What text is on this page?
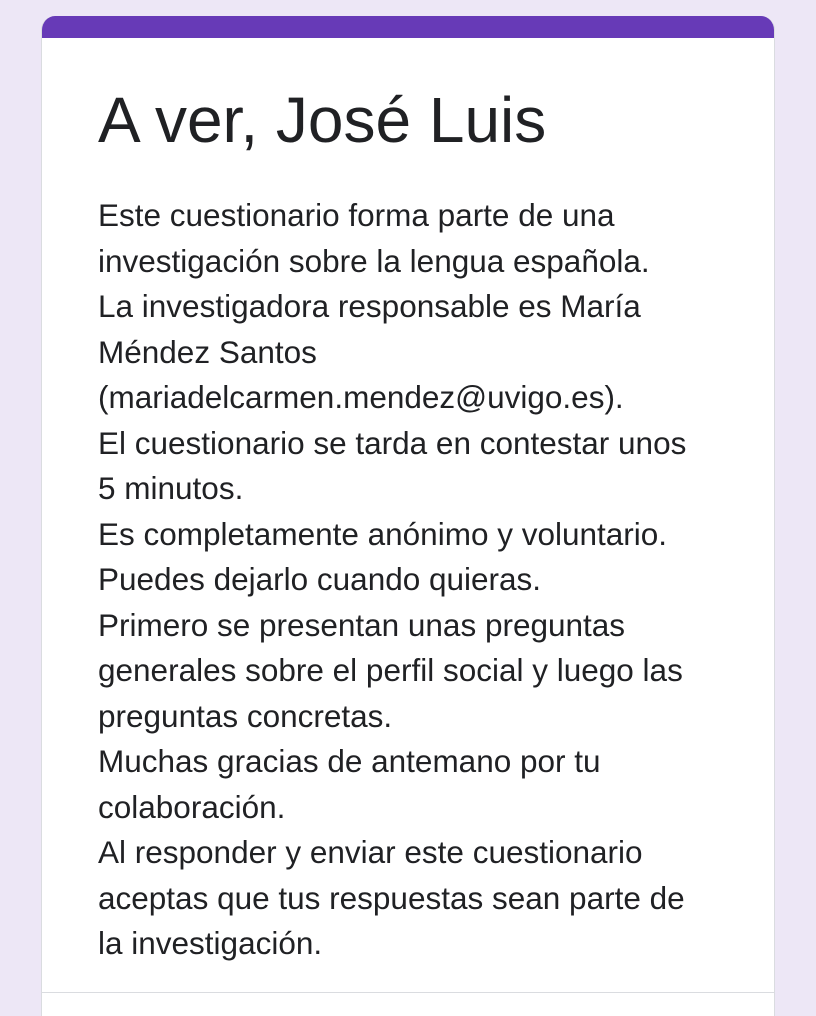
A ver, José Luis
Este cuestionario forma parte de una
investigación sobre la lengua española.
La investigadora responsable es María
Méndez Santos
(mariadelcarmen.mendez@uvigo.es).
El cuestionario se tarda en contestar unos
5 minutos.
Es completamente anónimo y voluntario.
Puedes dejarlo cuando quieras.
Primero se presentan unas preguntas
generales sobre el perfil social y luego las
preguntas concretas.
Muchas gracias de antemano por tu
colaboración.
Al responder y enviar este cuestionario
aceptas que tus respuestas sean parte de
la investigación.
